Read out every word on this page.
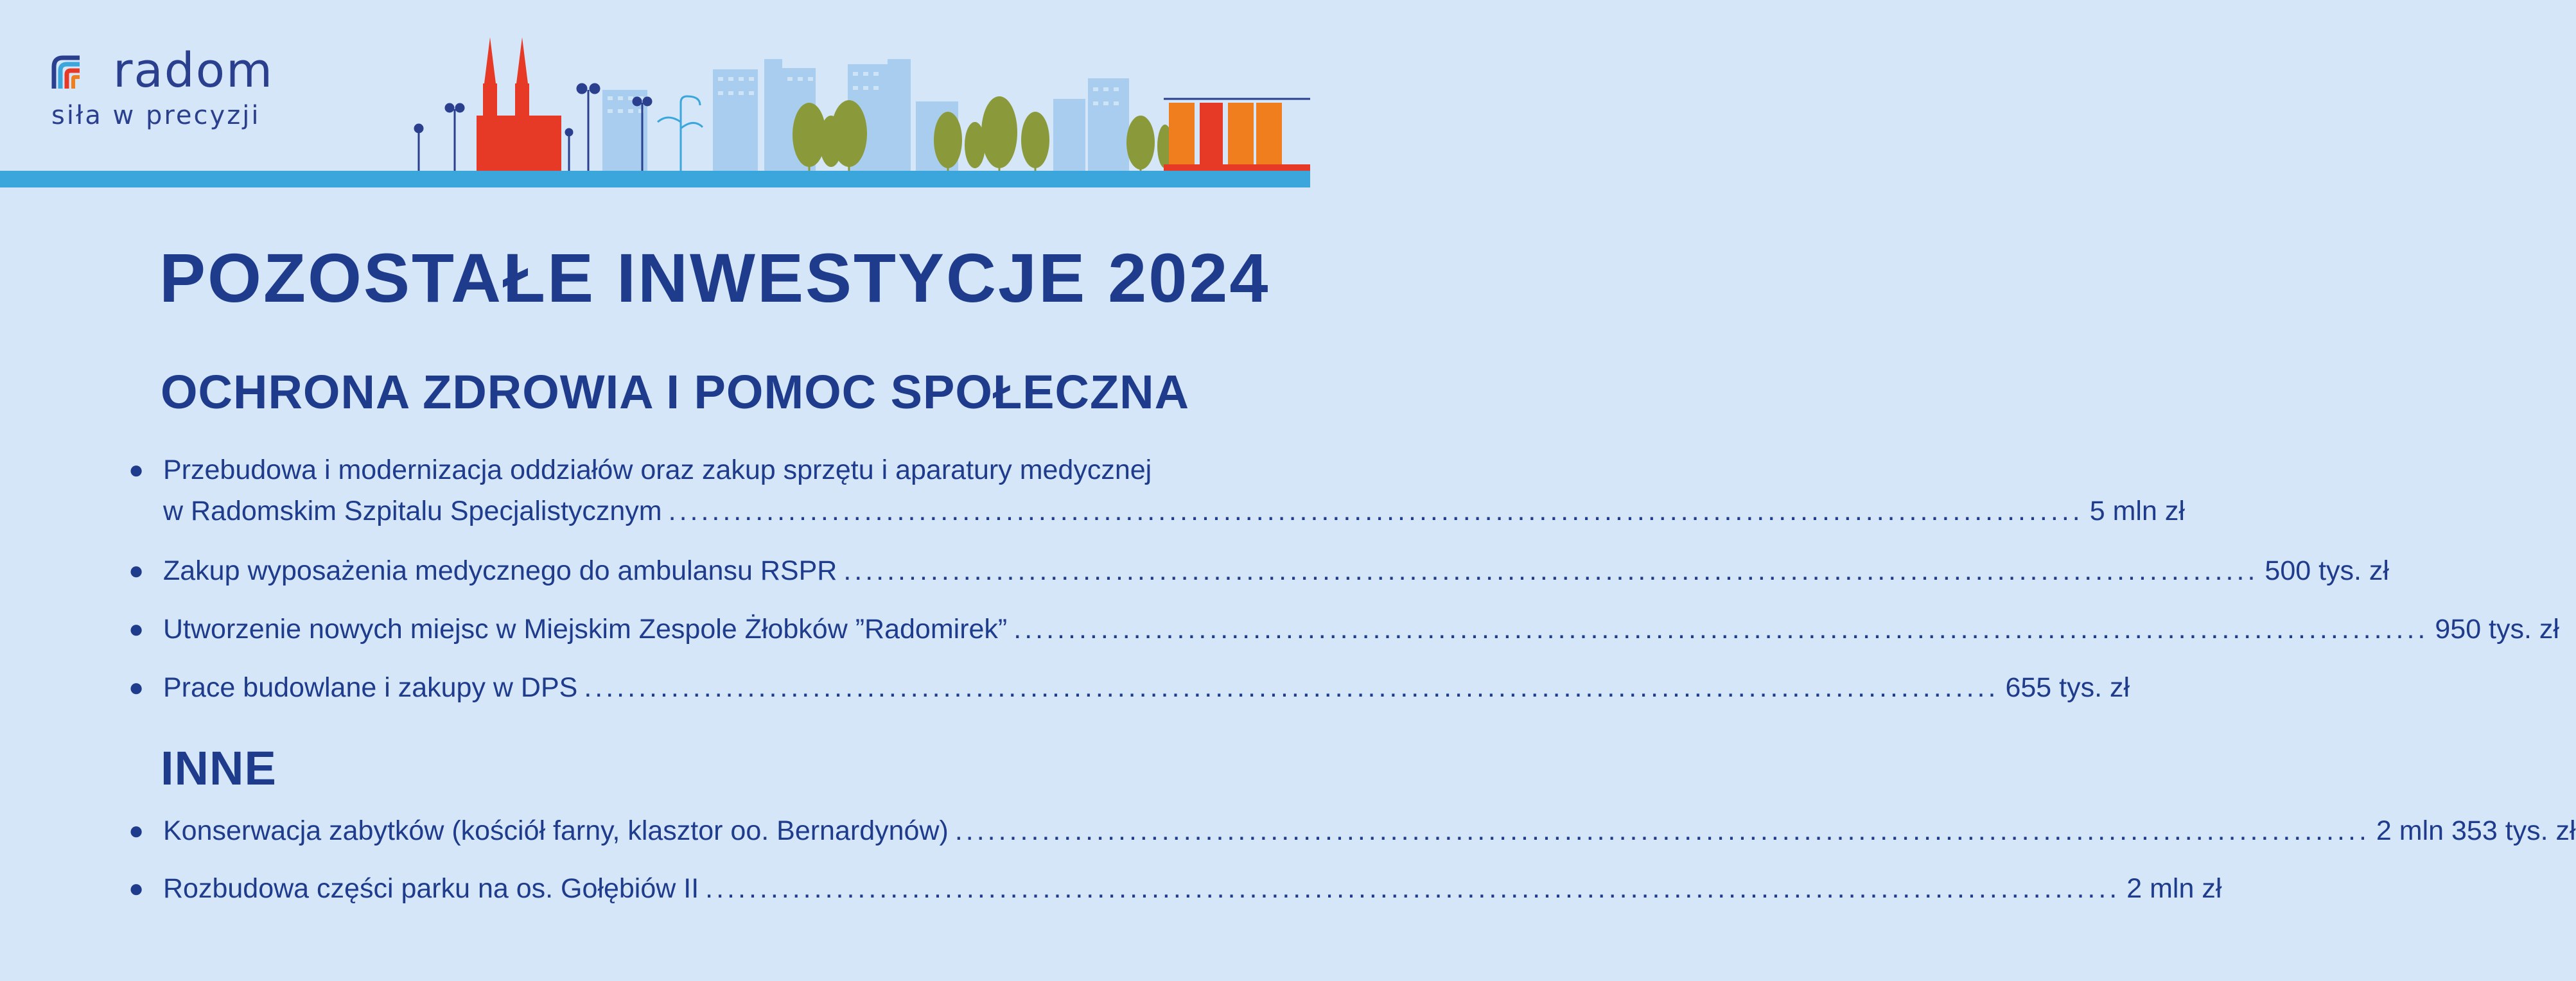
radom
siła w precyzji
POZOSTAŁE INWESTYCJE 2024
OCHRONA ZDROWIA I POMOC SPOŁECZNA
● Przebudowa i modernizacja oddziałów oraz zakup sprzętu i aparatury medycznej
w Radomskim Szpitalu Specjalistycznym .................................................................................................................................. 5 mln zł
● Zakup wyposażenia medycznego do ambulansu RSPR .................................................................................................................................. 500 tys. zł
● Utworzenie nowych miejsc w Miejskim Zespole Żłobków ”Radomirek” .................................................................................................................................. 950 tys. zł
● Prace budowlane i zakupy w DPS .................................................................................................................................. 655 tys. zł
INNE
● Konserwacja zabytków (kościół farny, klasztor oo. Bernardynów) .................................................................................................................................. 2 mln 353 tys. zł
● Rozbudowa części parku na os. Gołębiów II .................................................................................................................................. 2 mln zł
